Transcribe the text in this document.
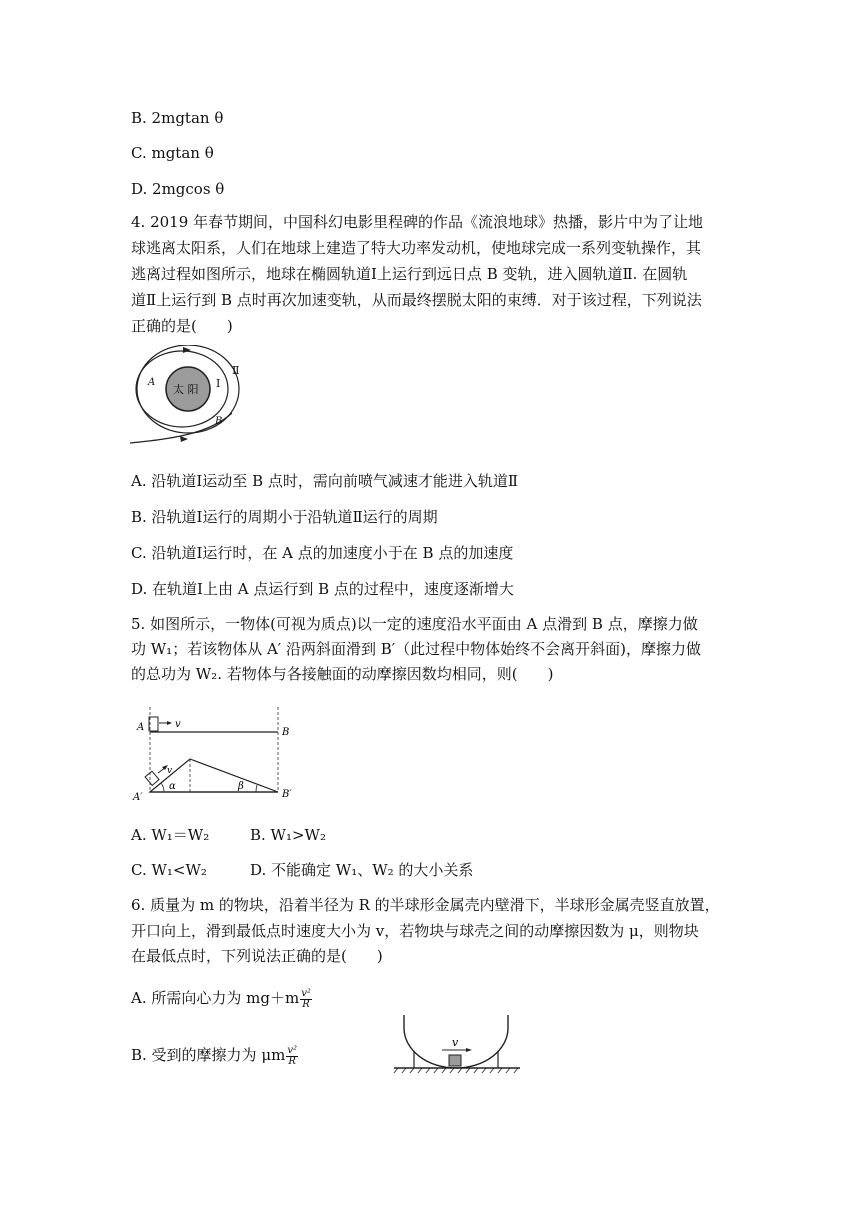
B. 2mgtan θ
C. mgtan θ
D. 2mgcos θ
4. 2019 年春节期间，中国科幻电影里程碑的作品《流浪地球》热播，影片中为了让地
球逃离太阳系，人们在地球上建造了特大功率发动机，使地球完成一系列变轨操作，其
逃离过程如图所示，地球在椭圆轨道Ⅰ上运行到远日点 B 变轨，进入圆轨道Ⅱ. 在圆轨
道Ⅱ上运行到 B 点时再次加速变轨，从而最终摆脱太阳的束缚．对于该过程，下列说法
正确的是(　　)
太 阳
Ⅱ
Ⅰ
A
B
A. 沿轨道Ⅰ运动至 B 点时，需向前喷气减速才能进入轨道Ⅱ
B. 沿轨道Ⅰ运行的周期小于沿轨道Ⅱ运行的周期
C. 沿轨道Ⅰ运行时，在 A 点的加速度小于在 B 点的加速度
D. 在轨道Ⅰ上由 A 点运行到 B 点的过程中，速度逐渐增大
5. 如图所示，一物体(可视为质点)以一定的速度沿水平面由 A 点滑到 B 点，摩擦力做
功 W₁；若该物体从 A′ 沿两斜面滑到 B′（此过程中物体始终不会离开斜面)，摩擦力做
的总功为 W₂. 若物体与各接触面的动摩擦因数均相同，则(　　)
v
A	B
v
α	β
A′	B′
A. W₁＝W₂	B. W₁>W₂
C. W₁<W₂	D. 不能确定 W₁、W₂ 的大小关系
6. 质量为 m 的物块，沿着半径为 R 的半球形金属壳内壁滑下，半球形金属壳竖直放置，
开口向上，滑到最低点时速度大小为 v，若物块与球壳之间的动摩擦因数为 μ，则物块
在最低点时，下列说法正确的是(　　)
A. 所需向心力为 $mg+m \frac{\text{v²}}{R}$
B. 受到的摩擦力为 μm $\frac{\text{v²}}{R}$
v
